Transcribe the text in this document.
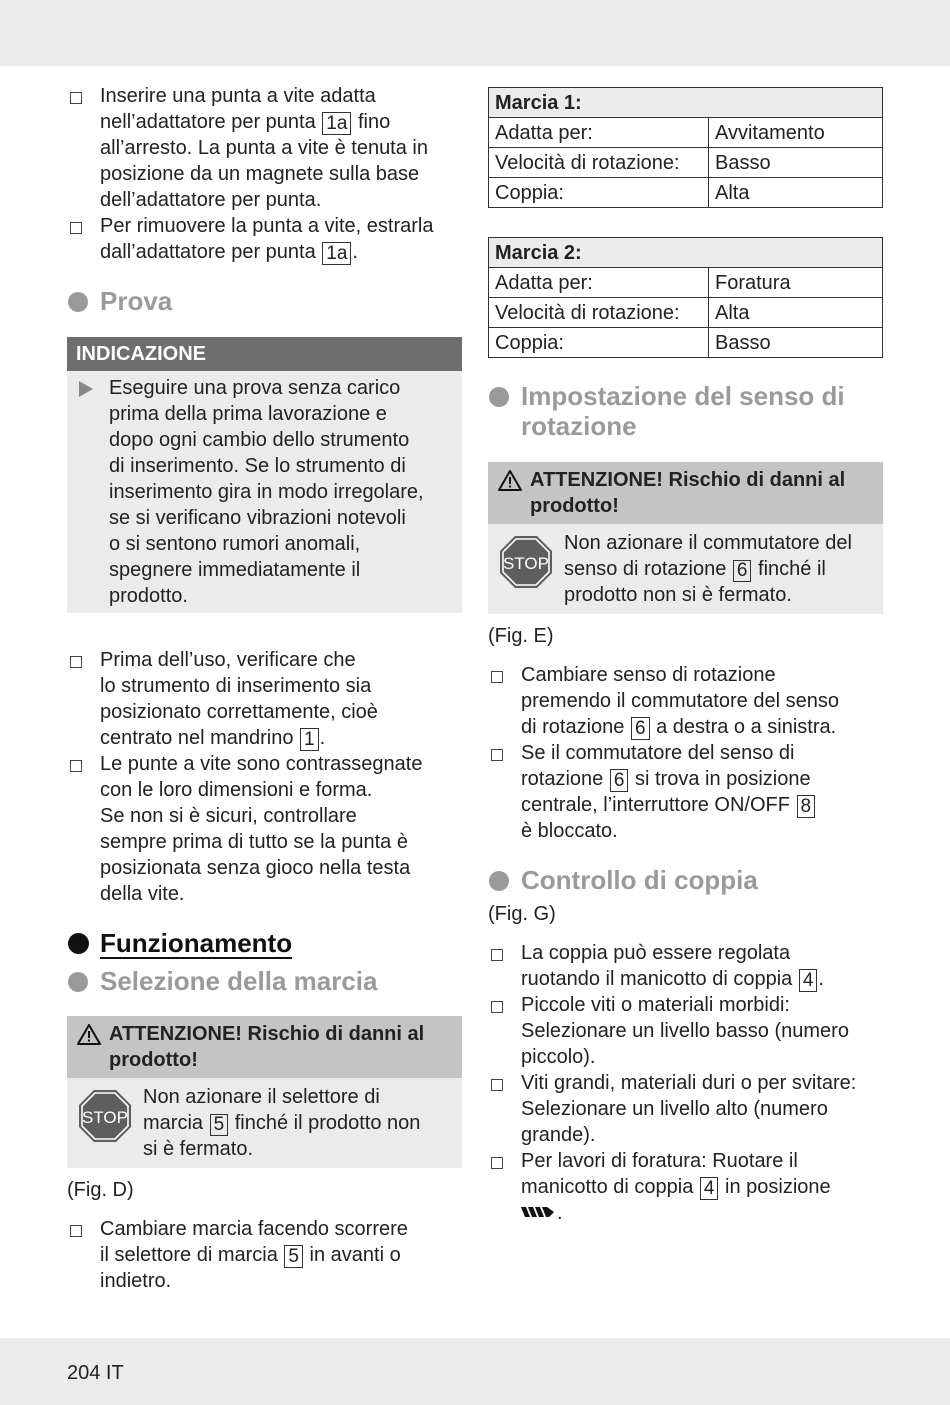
Inserire una punta a vite adatta
nell’adattatore per punta 1a fino
all’arresto. La punta a vite è tenuta in
posizione da un magnete sulla base
dell’adattatore per punta.
Per rimuovere la punta a vite, estrarla
dall’adattatore per punta 1a .
Prova
INDICAZIONE
Eseguire una prova senza carico
prima della prima lavorazione e
dopo ogni cambio dello strumento
di inserimento. Se lo strumento di
inserimento gira in modo irregolare,
se si verificano vibrazioni notevoli
o si sentono rumori anomali,
spegnere immediatamente il
prodotto.
Prima dell’uso, verificare che
lo strumento di inserimento sia
posizionato correttamente, cioè
centrato nel mandrino 1 .
Le punte a vite sono contrassegnate
con le loro dimensioni e forma.
Se non si è sicuri, controllare
sempre prima di tutto se la punta è
posizionata senza gioco nella testa
della vite.
Funzionamento
Selezione della marcia
ATTENZIONE! Rischio di danni al
prodotto!
STOP
Non azionare il selettore di
marcia 5 finché il prodotto non
si è fermato.
(Fig. D)
Cambiare marcia facendo scorrere
il selettore di marcia 5 in avanti o
indietro.
Marcia 1:	
Adatta per:	Avvitamento
Velocità di rotazione:	Basso
Coppia:	Alta
Marcia 2:	
Adatta per:	Foratura
Velocità di rotazione:	Alta
Coppia:	Basso
Impostazione del senso di
rotazione
ATTENZIONE! Rischio di danni al
prodotto!
STOP
Non azionare il commutatore del
senso di rotazione 6 finché il
prodotto non si è fermato.
(Fig. E)
Cambiare senso di rotazione
premendo il commutatore del senso
di rotazione 6 a destra o a sinistra.
Se il commutatore del senso di
rotazione 6 si trova in posizione
centrale, l’interruttore ON/OFF 8
è bloccato.
Controllo di coppia
(Fig. G)
La coppia può essere regolata
ruotando il manicotto di coppia 4 .
Piccole viti o materiali morbidi:
Selezionare un livello basso (numero
piccolo).
Viti grandi, materiali duri o per svitare:
Selezionare un livello alto (numero
grande).
Per lavori di foratura: Ruotare il
manicotto di coppia 4 in posizione
.
204 IT
